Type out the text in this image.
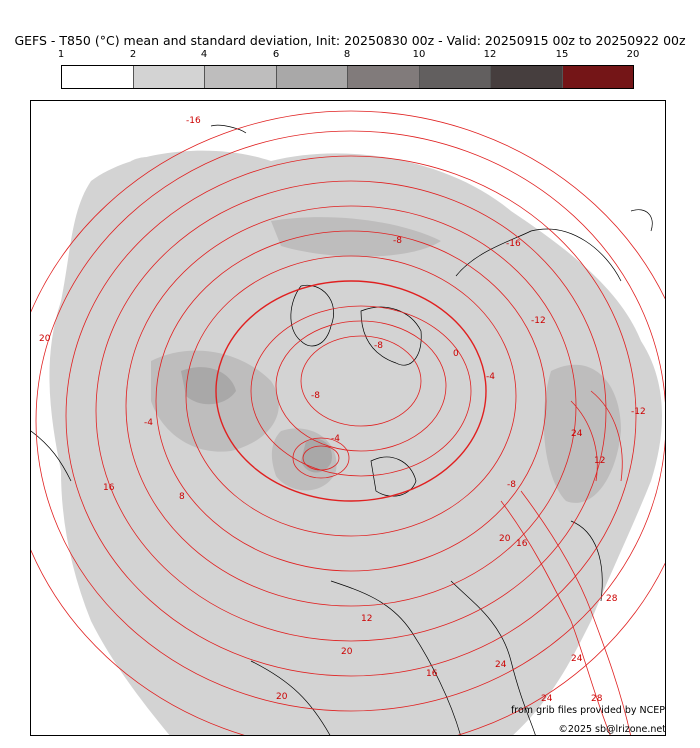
GEFS - T850 (°C) mean and standard deviation, Init: 20250830 00z - Valid: 20250915 00z to 20250922 00z
1	2	4	6	8	10	12	15	20
-16
-8	-16
-12
-8
0
-4
-8
-4
-8
8
-12
20
24
16
20
12
16
20
24
28
24
20
12
16
24
28
-4
from grib files provided by NCEP
©2025 sb@lrizone.net
